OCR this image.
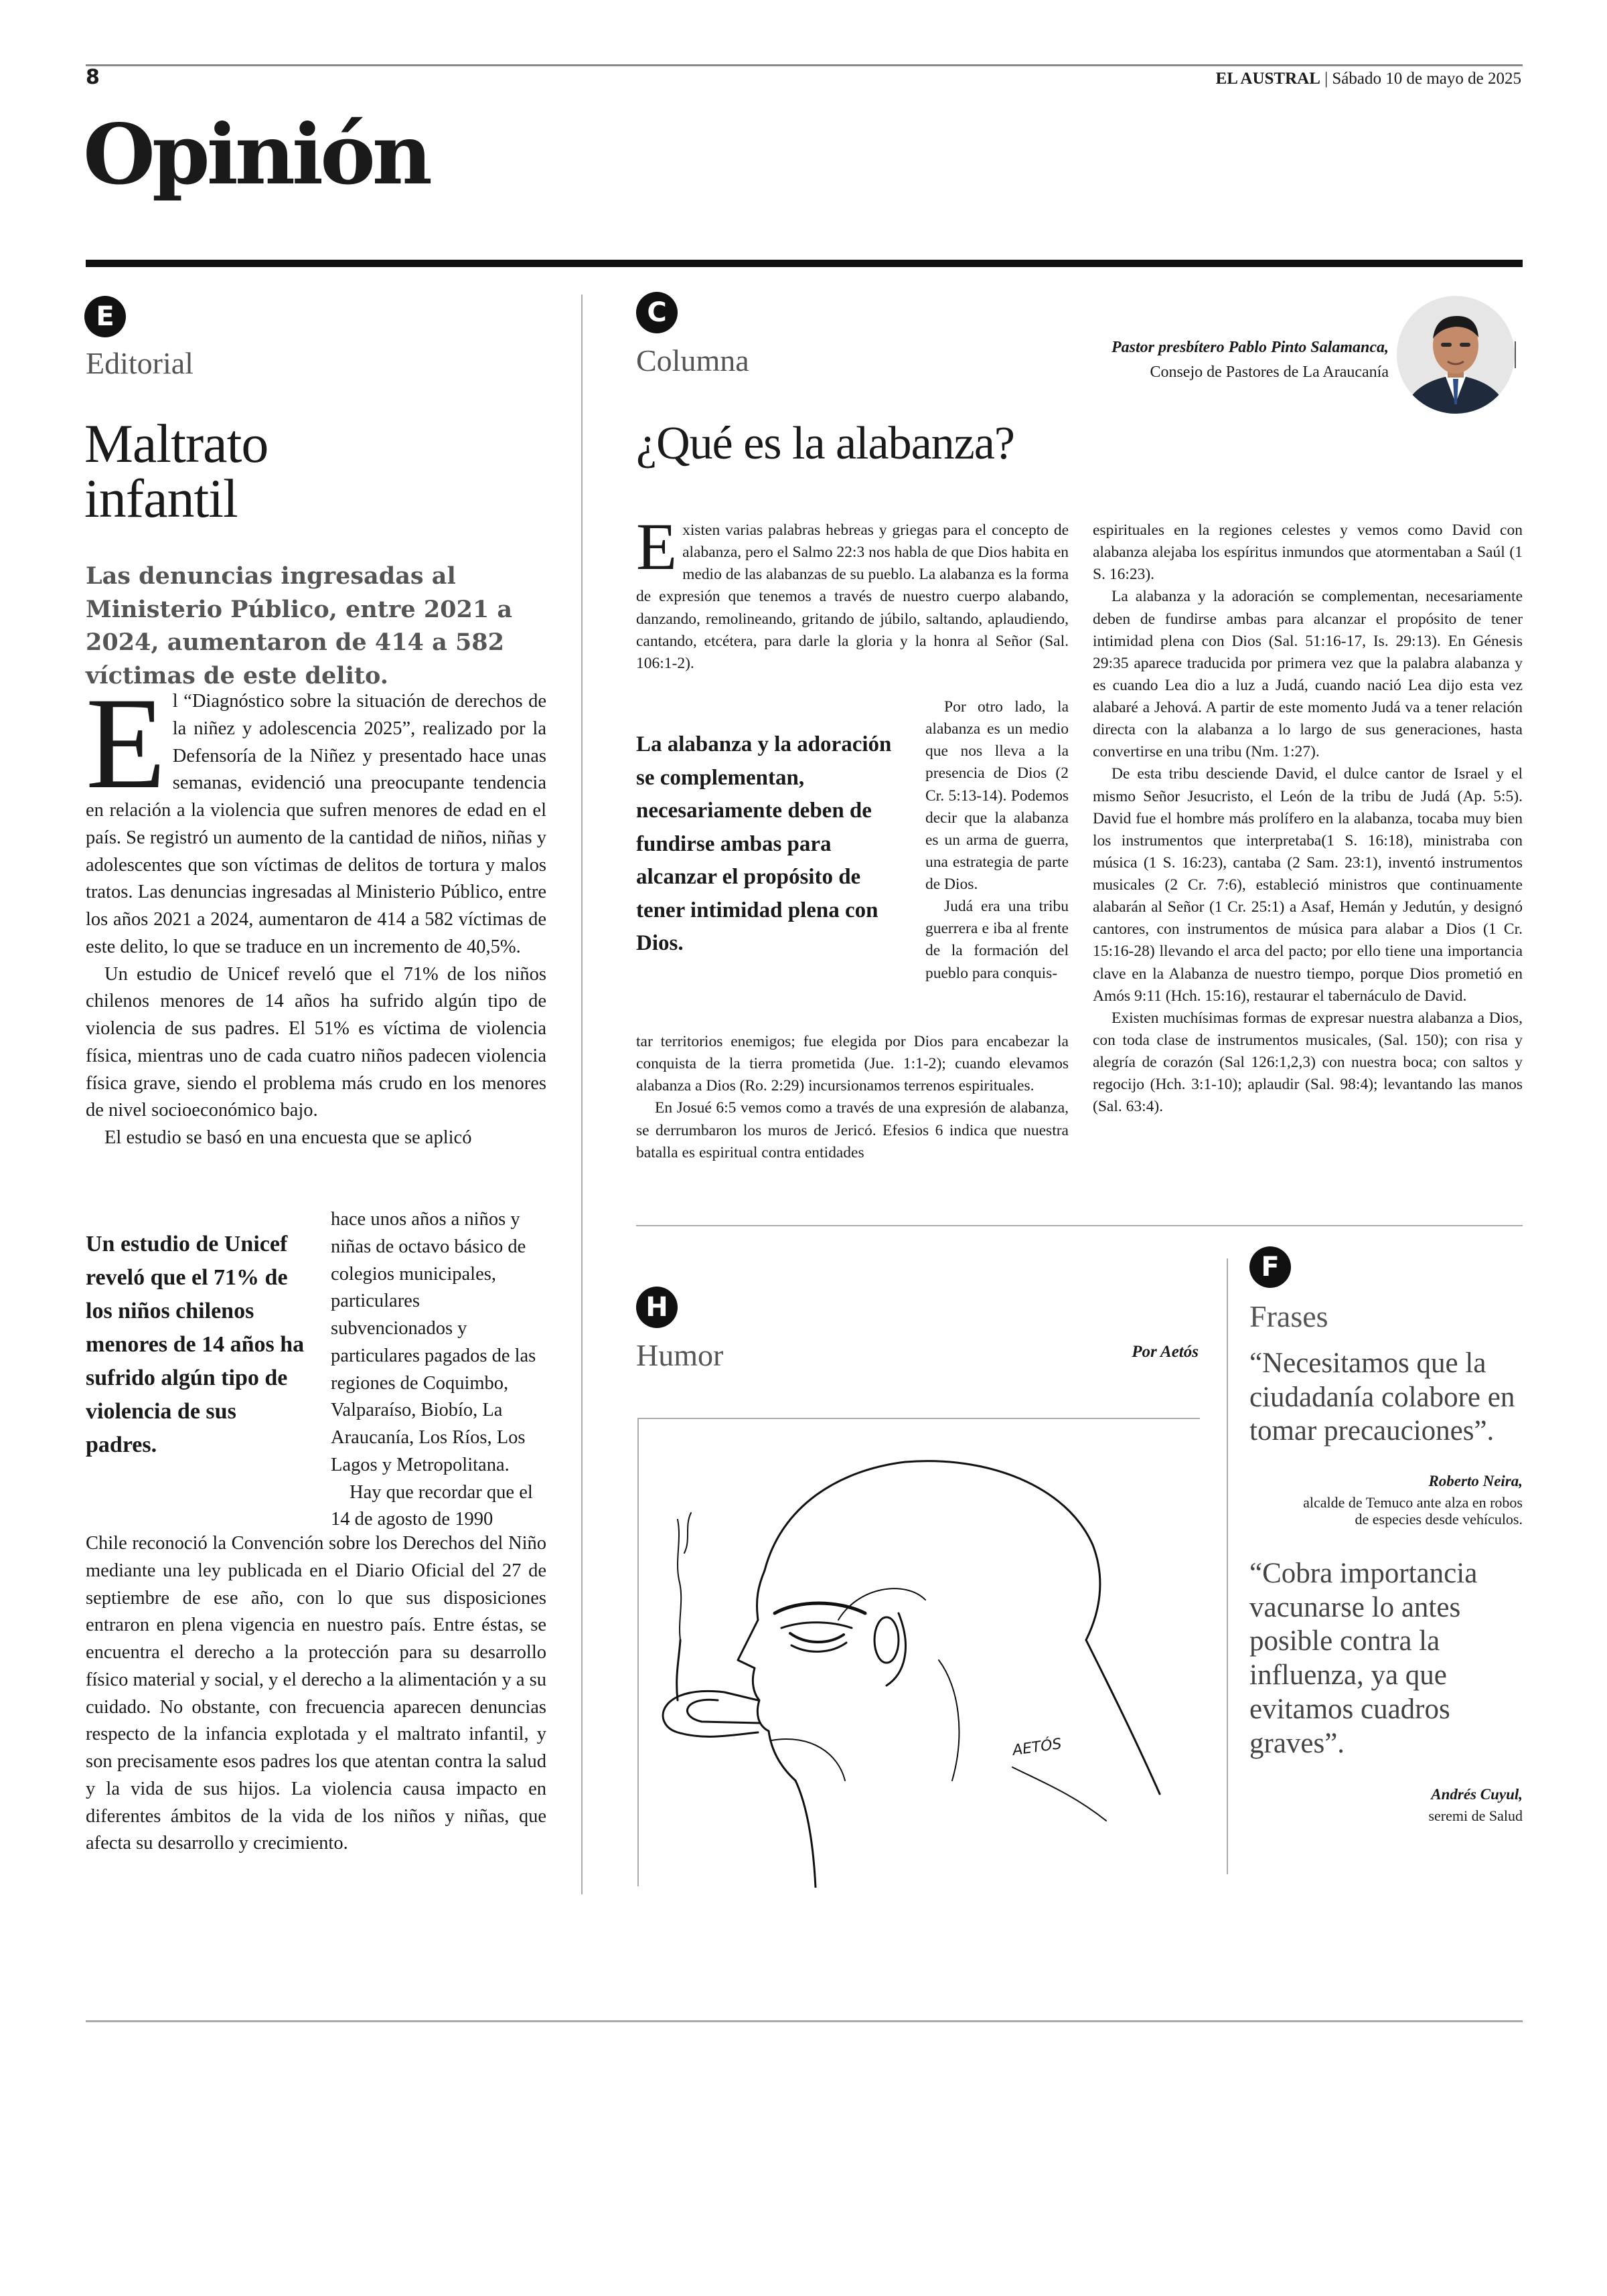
8	EL AUSTRAL | Sábado 10 de mayo de 2025
Opinión
E
Editorial
Maltrato
infantil
Las denuncias ingresadas al Ministerio Público, entre 2021 a 2024, aumentaron de 414 a 582 víctimas de este delito.
E l “Diagnóstico sobre la situación de derechos de la niñez y adolescencia 2025”, realizado por la Defensoría de la Niñez y presentado hace unas semanas, evidenció una preocupante tendencia en relación a la violencia que sufren menores de edad en el país. Se registró un aumento de la cantidad de niños, niñas y adolescentes que son víctimas de delitos de tortura y malos tratos. Las denuncias ingresadas al Ministerio Público, entre los años 2021 a 2024, aumentaron de 414 a 582 víctimas de este delito, lo que se traduce en un incremento de 40,5%.

Un estudio de Unicef reveló que el 71% de los niños chilenos menores de 14 años ha sufrido algún tipo de violencia de sus padres. El 51% es víctima de violencia física, mientras uno de cada cuatro niños padecen violencia física grave, siendo el problema más crudo en los menores de nivel socioeconómico bajo.

El estudio se basó en una encuesta que se aplicó

Un estudio de Unicef reveló que el 71% de los niños chilenos menores de 14 años ha sufrido algún tipo de violencia de sus padres.

hace unos años a niños y niñas de octavo básico de colegios municipales, particulares subvencionados y particulares pagados de las regiones de Coquimbo, Valparaíso, Biobío, La Araucanía, Los Ríos, Los Lagos y Metropolitana.

Hay que recordar que el 14 de agosto de 1990

Chile reconoció la Convención sobre los Derechos del Niño mediante una ley publicada en el Diario Oficial del 27 de septiembre de ese año, con lo que sus disposiciones entraron en plena vigencia en nuestro país. Entre éstas, se encuentra el derecho a la protección para su desarrollo físico material y social, y el derecho a la alimentación y a su cuidado. No obstante, con frecuencia aparecen denuncias respecto de la infancia explotada y el maltrato infantil, y son precisamente esos padres los que atentan contra la salud y la vida de sus hijos. La violencia causa impacto en diferentes ámbitos de la vida de los niños y niñas, que afecta su desarrollo y crecimiento.

C
Columna	Pastor presbítero Pablo Pinto Salamanca,
Consejo de Pastores de La Araucanía
¿Qué es la alabanza?
E xisten varias palabras hebreas y griegas para el concepto de alabanza, pero el Salmo 22:3 nos habla de que Dios habita en medio de las alabanzas de su pueblo. La alabanza es la forma de expresión que tenemos a través de nuestro cuerpo alabando, danzando, remolineando, gritando de júbilo, saltando, aplaudiendo, cantando, etcétera, para darle la gloria y la honra al Señor (Sal. 106:1-2).

La alabanza y la adoración se complementan, necesariamente deben de fundirse ambas para alcanzar el propósito de tener intimidad plena con Dios.

Por otro lado, la alabanza es un medio que nos lleva a la presencia de Dios (2 Cr. 5:13-14). Podemos decir que la alabanza es un arma de guerra, una estrategia de parte de Dios.

Judá era una tribu guerrera e iba al frente de la formación del pueblo para conquis-

tar territorios enemigos; fue elegida por Dios para encabezar la conquista de la tierra prometida (Jue. 1:1-2); cuando elevamos alabanza a Dios (Ro. 2:29) incursionamos terrenos espirituales.

En Josué 6:5 vemos como a través de una expresión de alabanza, se derrumbaron los muros de Jericó. Efesios 6 indica que nuestra batalla es espiritual contra entidades

espirituales en la regiones celestes y vemos como David con alabanza alejaba los espíritus inmundos que atormentaban a Saúl (1 S. 16:23).

La alabanza y la adoración se complementan, necesariamente deben de fundirse ambas para alcanzar el propósito de tener intimidad plena con Dios (Sal. 51:16-17, Is. 29:13). En Génesis 29:35 aparece traducida por primera vez que la palabra alabanza y es cuando Lea dio a luz a Judá, cuando nació Lea dijo esta vez alabaré a Jehová. A partir de este momento Judá va a tener relación directa con la alabanza a lo largo de sus generaciones, hasta convertirse en una tribu (Nm. 1:27).

De esta tribu desciende David, el dulce cantor de Israel y el mismo Señor Jesucristo, el León de la tribu de Judá (Ap. 5:5). David fue el hombre más prolífero en la alabanza, tocaba muy bien los instrumentos que interpretaba(1 S. 16:18), ministraba con música (1 S. 16:23), cantaba (2 Sam. 23:1), inventó instrumentos musicales (2 Cr. 7:6), estableció ministros que continuamente alabarán al Señor (1 Cr. 25:1) a Asaf, Hemán y Jedutún, y designó cantores, con instrumentos de música para alabar a Dios (1 Cr. 15:16-28) llevando el arca del pacto; por ello tiene una importancia clave en la Alabanza de nuestro tiempo, porque Dios prometió en Amós 9:11 (Hch. 15:16), restaurar el tabernáculo de David.

Existen muchísimas formas de expresar nuestra alabanza a Dios, con toda clase de instrumentos musicales, (Sal. 150); con risa y alegría de corazón (Sal 126:1,2,3) con nuestra boca; con saltos y regocijo (Hch. 3:1-10); aplaudir (Sal. 98:4); levantando las manos (Sal. 63:4).

H
Humor	Por Aetós
AETÓS
F
Frases
“Necesitamos que la ciudadanía colabore en tomar precauciones”.
Roberto Neira,
alcalde de Temuco ante alza en robos
de especies desde vehículos.
“Cobra importancia vacunarse lo antes posible contra la influenza, ya que evitamos cuadros graves”.
Andrés Cuyul,
seremi de Salud
